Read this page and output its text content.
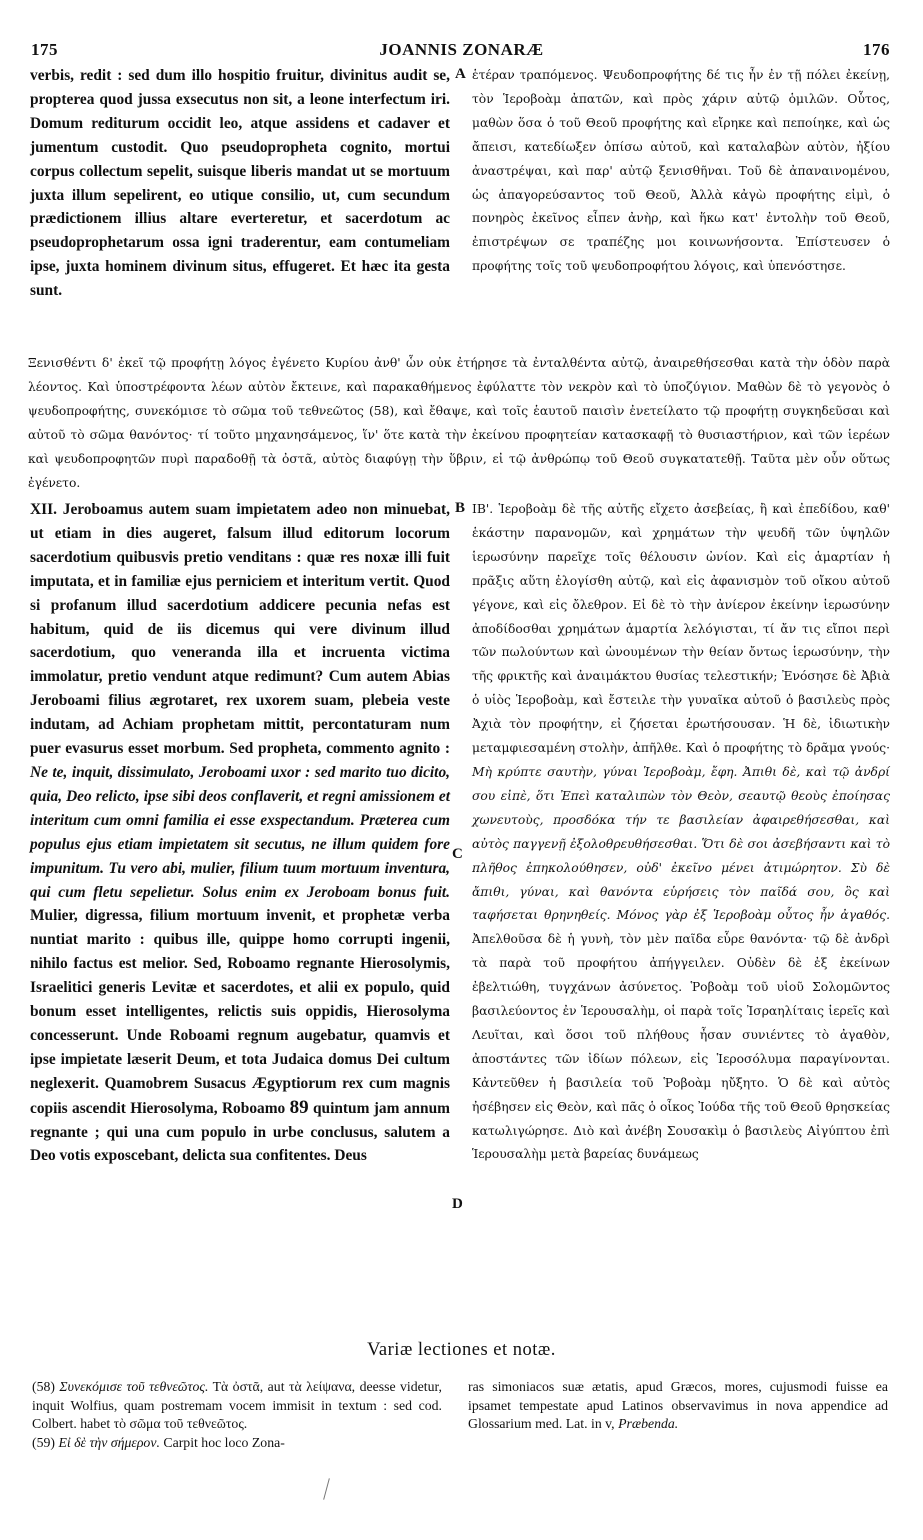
175	JOANNIS ZONARÆ	176

verbis, redit : sed dum illo hospitio fruitur, divinitus audit se, propterea quod jussa exsecutus non sit, a leone interfectum iri. Domum rediturum occidit leo, atque assidens et cadaver et jumentum custodit. Quo pseudopropheta cognito, mortui corpus collectum sepelit, suisque liberis mandat ut se mortuum juxta illum sepelirent, eo utique consilio, ut, cum secundum prædictionem illius altare everteretur, et sacerdotum ac pseudoprophetarum ossa igni traderentur, eam contumeliam ipse, juxta hominem divinum situs, effugeret. Et hæc ita gesta sunt.

A ἑτέραν τραπόμενος. Ψευδοπροφήτης δέ τις ἦν ἐν τῇ πόλει ἐκείνῃ, τὸν Ἱεροβοὰμ ἀπατῶν, καὶ πρὸς χάριν αὐτῷ ὁμιλῶν. Οὗτος, μαθὼν ὅσα ὁ τοῦ Θεοῦ προφήτης καὶ εἴρηκε καὶ πεποίηκε, καὶ ὡς ἄπεισι, κατεδίωξεν ὀπίσω αὐτοῦ, καὶ καταλαβὼν αὐτὸν, ἠξίου ἀναστρέψαι, καὶ παρ' αὐτῷ ξενισθῆναι. Τοῦ δὲ ἀπαναινομένου, ὡς ἀπαγορεύσαντος τοῦ Θεοῦ, Ἀλλὰ κἀγὼ προφήτης εἰμὶ, ὁ πονηρὸς ἐκεῖνος εἶπεν ἀνὴρ, καὶ ἥκω κατ' ἐντολὴν τοῦ Θεοῦ, ἐπιστρέψων σε τραπέζης μοι κοινωνήσοντα. Ἐπίστευσεν ὁ προφήτης τοῖς τοῦ ψευδοπροφήτου λόγοις, καὶ ὑπενόστησε.

Ξενισθέντι δ' ἐκεῖ τῷ προφήτῃ λόγος ἐγένετο Κυρίου ἀνθ' ὧν οὐκ ἐτήρησε τὰ ἐνταλθέντα αὐτῷ, ἀναιρεθήσεσθαι κατὰ τὴν ὁδὸν παρὰ λέοντος. Καὶ ὑποστρέφοντα λέων αὐτὸν ἔκτεινε, καὶ παρακαθήμενος ἐφύλαττε τὸν νεκρὸν καὶ τὸ ὑποζύγιον. Μαθὼν δὲ τὸ γεγονὸς ὁ ψευδοπροφήτης, συνεκόμισε τὸ σῶμα τοῦ τεθνεῶτος (58), καὶ ἔθαψε, καὶ τοῖς ἑαυτοῦ παισὶν ἐνετείλατο τῷ προφήτῃ συγκηδεῦσαι καὶ αὐτοῦ τὸ σῶμα θανόντος· τί τοῦτο μηχανησάμενος, ἵν' ὅτε κατὰ τὴν ἐκείνου προφητείαν κατασκαφῇ τὸ θυσιαστήριον, καὶ τῶν ἱερέων καὶ ψευδοπροφητῶν πυρὶ παραδοθῇ τὰ ὀστᾶ, αὐτὸς διαφύγῃ τὴν ὕβριν, εἰ τῷ ἀνθρώπῳ τοῦ Θεοῦ συγκατατεθῇ. Ταῦτα μὲν οὖν οὕτως ἐγένετο.
B

XII. Jeroboamus autem suam impietatem adeo non minuebat, ut etiam in dies augeret, falsum illud editorum locorum sacerdotium quibusvis pretio venditans : quæ res noxæ illi fuit imputata, et in familiæ ejus perniciem et interitum vertit. Quod si profanum illud sacerdotium addicere pecunia nefas est habitum, quid de iis dicemus qui vere divinum illud sacerdotium, quo veneranda illa et incruenta victima immolatur, pretio vendunt atque redimunt? Cum autem Abias Jeroboami filius ægrotaret, rex uxorem suam, plebeia veste indutam, ad Achiam prophetam mittit, percontaturam num puer evasurus esset morbum. Sed propheta, commento agnito : Ne te, inquit, dissimulato, Jeroboami uxor : sed marito tuo dicito, quia, Deo relicto, ipse sibi deos conflaverit, et regni amissionem et interitum cum omni familia ei esse exspectandum. Præterea cum populus ejus etiam impietatem sit secutus, ne illum quidem fore impunitum. Tu vero abi, mulier, filium tuum mortuum inventura, qui cum fletu sepelietur. Solus enim ex Jeroboam bonus fuit. Mulier, digressa, filium mortuum invenit, et prophetæ verba nuntiat marito : quibus ille, quippe homo corrupti ingenii, nihilo factus est melior. Sed, Roboamo regnante Hierosolymis, Israelitici generis Levitæ et sacerdotes, et alii ex populo, quid bonum esset intelligentes, relictis suis oppidis, Hierosolyma concesserunt. Unde Roboami regnum augebatur, quamvis et ipse impietate læserit Deum, et tota Judaica domus Dei cultum neglexerit. Quamobrem Susacus Ægyptiorum rex cum magnis copiis ascendit Hierosolyma, Roboamo 89 quintum jam annum regnante ; qui una cum populo in urbe conclusus, salutem a Deo votis exposcebant, delicta sua confitentes. Deus

C
D

ΙΒ'. Ἱεροβοὰμ δὲ τῆς αὐτῆς εἴχετο ἀσεβείας, ἢ καὶ ἐπεδίδου, καθ' ἑκάστην παρανομῶν, καὶ χρημάτων τὴν ψευδῆ τῶν ὑψηλῶν ἱερωσύνην παρεῖχε τοῖς θέλουσιν ὠνίον. Καὶ εἰς ἁμαρτίαν ἡ πρᾶξις αὕτη ἐλογίσθη αὐτῷ, καὶ εἰς ἀφανισμὸν τοῦ οἴκου αὐτοῦ γέγονε, καὶ εἰς ὄλεθρον. Εἰ δὲ τὸ τὴν ἀνίερον ἐκείνην ἱερωσύνην ἀποδίδοσθαι χρημάτων ἁμαρτία λελόγισται, τί ἄν τις εἴποι περὶ τῶν πωλούντων καὶ ὠνουμένων τὴν θείαν ὄντως ἱερωσύνην, τὴν τῆς φρικτῆς καὶ ἀναιμάκτου θυσίας τελεστικήν; Ἐνόσησε δὲ Ἀβιὰ ὁ υἱὸς Ἱεροβοὰμ, καὶ ἔστειλε τὴν γυναῖκα αὐτοῦ ὁ βασιλεὺς πρὸς Ἀχιὰ τὸν προφήτην, εἰ ζήσεται ἐρωτήσουσαν. Ἡ δὲ, ἰδιωτικὴν μεταμφιεσαμένη στολὴν, ἀπῆλθε. Καὶ ὁ προφήτης τὸ δρᾶμα γνούς· Μὴ κρύπτε σαυτὴν, γύναι Ἱεροβοὰμ, ἔφη. Ἀπιθι δὲ, καὶ τῷ ἀνδρί σου εἰπὲ, ὅτι Ἐπεὶ καταλιπὼν τὸν Θεὸν, σεαυτῷ θεοὺς ἐποίησας χωνευτοὺς, προσδόκα τήν τε βασιλείαν ἀφαιρεθήσεσθαι, καὶ αὐτὸς παγγενῇ ἐξολοθρευθήσεσθαι. Ὅτι δὲ σοι ἀσεβήσαντι καὶ τὸ πλῆθος ἐπηκολούθησεν, οὐδ' ἐκεῖνο μένει ἀτιμώρητον. Σὺ δὲ ἄπιθι, γύναι, καὶ θανόντα εὑρήσεις τὸν παῖδά σου, ὃς καὶ ταφήσεται θρηνηθείς. Μόνος γὰρ ἐξ Ἱεροβοὰμ οὗτος ἦν ἀγαθός. Ἀπελθοῦσα δὲ ἡ γυνὴ, τὸν μὲν παῖδα εὗρε θανόντα· τῷ δὲ ἀνδρὶ τὰ παρὰ τοῦ προφήτου ἀπήγγειλεν. Οὐδὲν δὲ ἐξ ἐκείνων ἐβελτιώθη, τυγχάνων ἀσύνετος. Ῥοβοὰμ τοῦ υἱοῦ Σολομῶντος βασιλεύοντος ἐν Ἱερουσαλὴμ, οἱ παρὰ τοῖς Ἰσραηλίταις ἱερεῖς καὶ Λευῖται, καὶ ὅσοι τοῦ πλήθους ἦσαν συνιέντες τὸ ἀγαθὸν, ἀποστάντες τῶν ἰδίων πόλεων, εἰς Ἱεροσόλυμα παραγίνονται. Κἀντεῦθεν ἡ βασιλεία τοῦ Ῥοβοὰμ ηὔξητο. Ὁ δὲ καὶ αὐτὸς ἠσέβησεν εἰς Θεὸν, καὶ πᾶς ὁ οἶκος Ἰούδα τῆς τοῦ Θεοῦ θρησκείας κατωλιγώρησε. Διὸ καὶ ἀνέβη Σουσακὶμ ὁ βασιλεὺς Αἰγύπτου ἐπὶ Ἱερουσαλὴμ μετὰ βαρείας δυνάμεως

Variæ lectiones et notæ.

(58) Συνεκόμισε τοῦ τεθνεῶτος. Τὰ ὀστᾶ, aut τὰ λείψανα, deesse videtur, inquit Wolfius, quam postremam vocem immisit in textum : sed cod. Colbert. habet τὸ σῶμα τοῦ τεθνεῶτος.

(59) Εἰ δὲ τὴν σήμερον. Carpit hoc loco Zona-

ras simoniacos suæ ætatis, apud Græcos, mores, cujusmodi fuisse ea ipsamet tempestate apud Latinos observavimus in nova appendice ad Glossarium med. Lat. in v, Præbenda.
